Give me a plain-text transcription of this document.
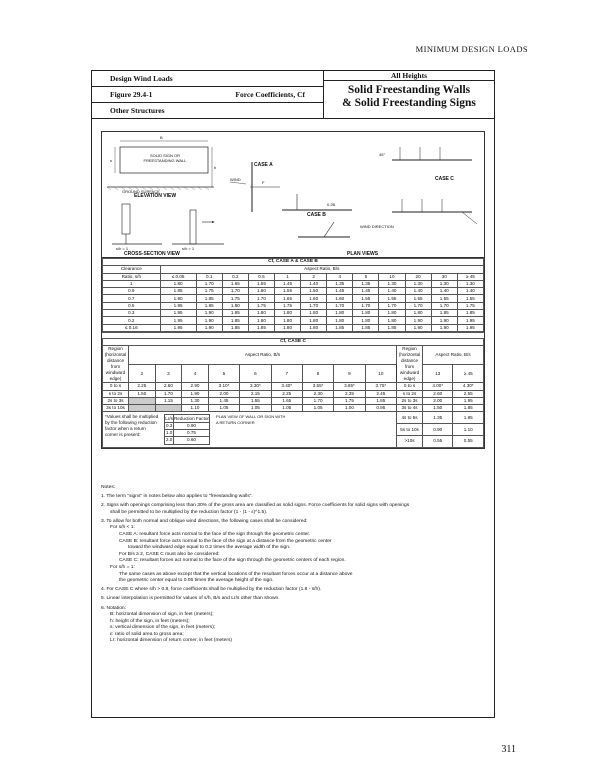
MINIMUM DESIGN LOADS
Design Wind Loads
Figure 29.4-1	Force Coefficients, Cf
Other Structures
All Heights
Solid Freestanding Walls
& Solid Freestanding Signs
SOLID SIGN OR FREESTANDING WALL
GROUND SURFACE
ELEVATION VIEW
B
s
h
s/h = 1	s/h < 1
CROSS-SECTION VIEW
CASE A
F
WIND
CASE B
0.2B
WIND DIRECTION
CASE C
45°
PLAN VIEWS
Cf, CASE A & CASE B												
Clearance	Aspect Ratio, B/s											
Ratio, s/h	≤ 0.05	0.1	0.2	0.5	1	2	4	5	10	20	30	≥ 45
1	1.80	1.70	1.65	1.55	1.45	1.40	1.35	1.35	1.30	1.30	1.30	1.30
0.9	1.85	1.75	1.70	1.60	1.55	1.50	1.45	1.45	1.40	1.40	1.40	1.40
0.7	1.90	1.85	1.75	1.70	1.65	1.60	1.60	1.55	1.55	1.55	1.55	1.55
0.5	1.95	1.85	1.80	1.75	1.75	1.70	1.70	1.70	1.70	1.70	1.70	1.75
0.3	1.95	1.90	1.85	1.80	1.80	1.80	1.80	1.80	1.80	1.80	1.85	1.85
0.2	1.95	1.90	1.85	1.80	1.80	1.80	1.80	1.80	1.80	1.90	1.90	1.95
≤ 0.16	1.95	1.90	1.85	1.85	1.80	1.80	1.85	1.85	1.85	1.90	1.90	1.95
Cf, CASE C

Region
(horizontal
distance from
windward edge)
	Aspect Ratio, B/s	
Region
(horizontal
distance from
windward edge)
	Aspect Ratio, B/s
2	3	4	5	6	7	8	9	10	13	≥ 45
0 to s	2.25	2.60	2.90	3.10*	3.30*	3.40*	3.55*	3.65*	3.75*	0 to s	4.00*	4.30*
s to 2s	1.50	1.70	1.90	2.00	2.15	2.25	2.30	2.35	2.45	s to 2s	2.60	2.55
2s to 3s		1.15	1.30	1.45	1.55	1.65	1.70	1.75	1.85	2s to 3s	2.00	1.95
3s to 10s			1.10	1.05	1.05	1.05	1.05	1.00	0.95	3s to 4s	1.50	1.85

*Values shall be multiplied
by the following reduction
factor when a return
corner is present:
Lr/s	Reduction Factor
0.3	0.90
1.0	0.75
2.0	0.60
PLAN VIEW OF WALL OR SIGN WITH
A RETURN CORNER
	4s to 5s	1.35	1.85
5s to 10s	0.90	1.10
>10s	0.55	0.55

Notes:

1. The term "signs" in notes below also applies to "freestanding walls".

2. Signs with openings comprising less than 30% of the gross area are classified as solid signs. Force coefficients for solid signs with openings
shall be permitted to be multiplied by the reduction factor (1 - (1 - ε)^1.5).

3. To allow for both normal and oblique wind directions, the following cases shall be considered:
For s/h < 1:
CASE A: resultant force acts normal to the face of the sign through the geometric center.
CASE B: resultant force acts normal to the face of the sign at a distance from the geometric center
toward the windward edge equal to 0.2 times the average width of the sign.
For B/s ≥ 2, CASE C must also be considered:
CASE C: resultant forces act normal to the face of the sign through the geometric centers of each region.
For s/h = 1:
The same cases as above except that the vertical locations of the resultant forces occur at a distance above

the geometric center equal to 0.05 times the average height of the sign.

4. For CASE C where s/h > 0.8, force coefficients shall be multiplied by the reduction factor (1.8 - s/h).

5. Linear interpolation is permitted for values of s/h, B/s and Lr/s other than shown.

6. Notation:
B: horizontal dimension of sign, in feet (meters);
h: height of the sign, in feet (meters);
s: vertical dimension of the sign, in feet (meters);
ε: ratio of solid area to gross area;
Lr: horizontal dimension of return corner, in feet (meters)
311
